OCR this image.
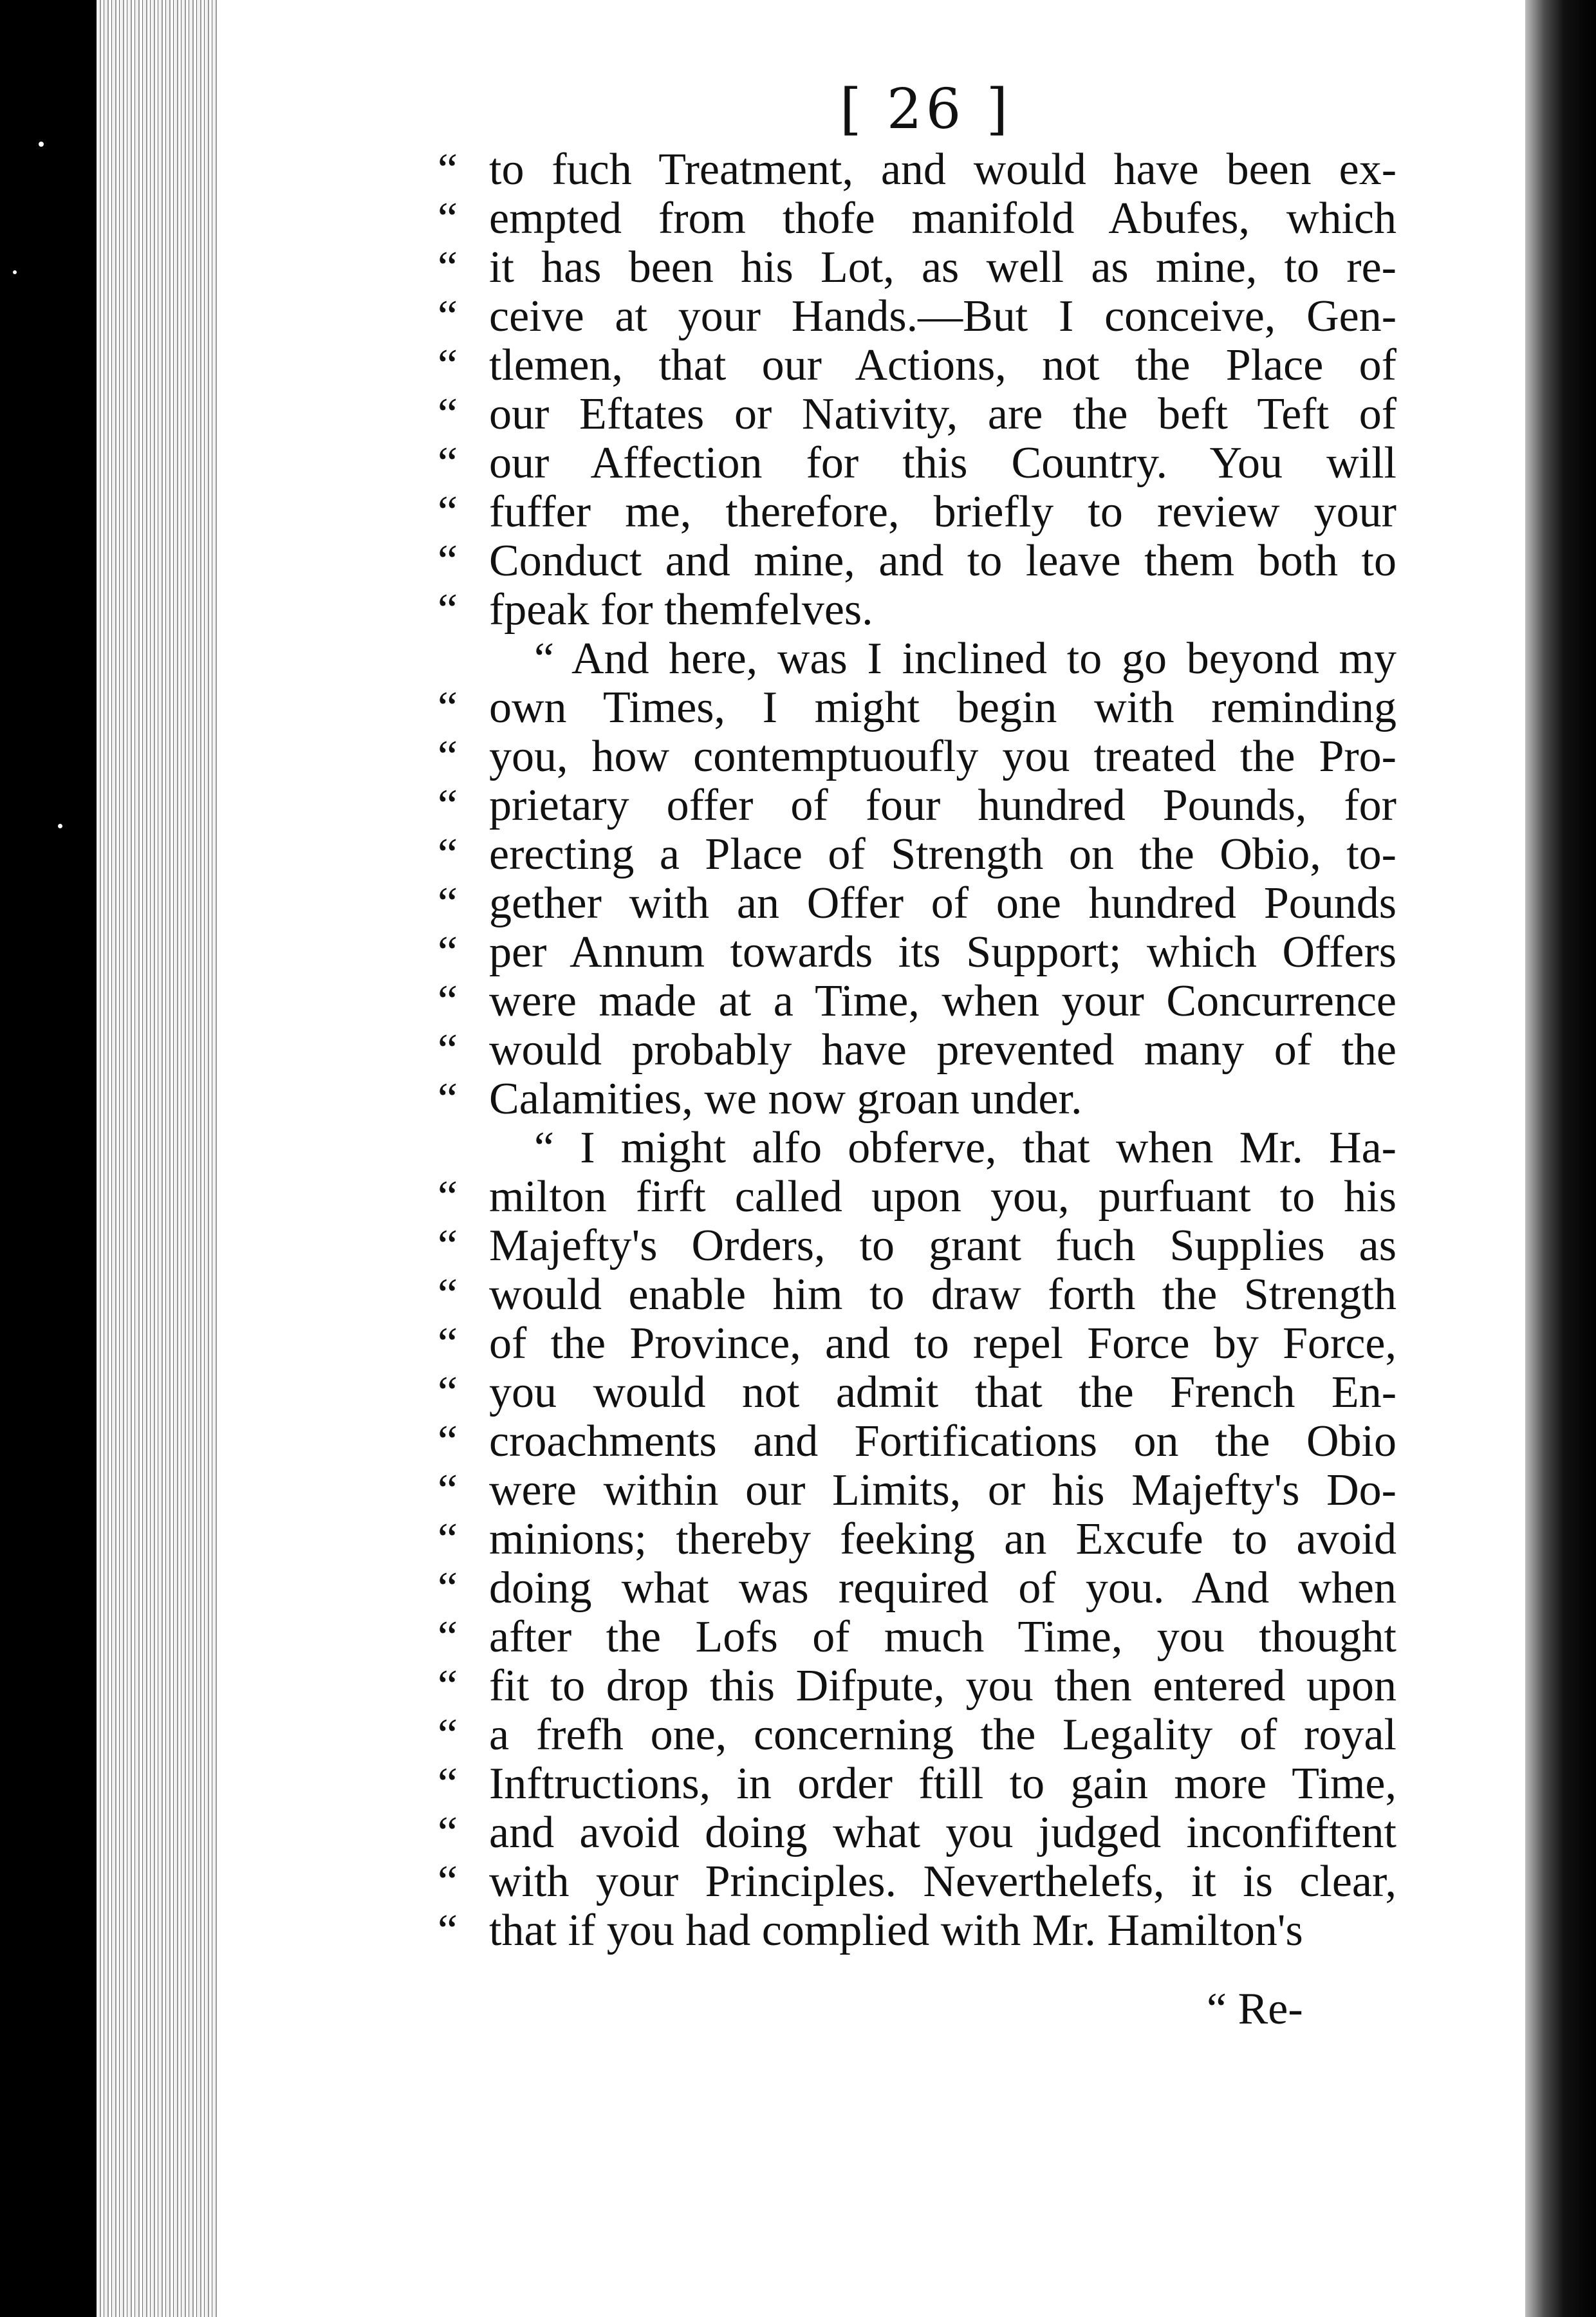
[ 26 ]
“ to fuch Treatment, and would have been ex-
“ empted from thofe manifold Abufes, which
“ it has been his Lot, as well as mine, to re-
“ ceive at your Hands.—But I conceive, Gen-
“ tlemen, that our Actions, not the Place of
“ our Eftates or Nativity, are the beft Teft of
“ our Affection for this Country. You will
“ fuffer me, therefore, briefly to review your
“ Conduct and mine, and to leave them both to
“ fpeak for themfelves.
“ And here, was I inclined to go beyond my
“ own Times, I might begin with reminding
“ you, how contemptuoufly you treated the Pro-
“ prietary offer of four hundred Pounds, for
“ erecting a Place of Strength on the Obio, to-
“ gether with an Offer of one hundred Pounds
“ per Annum towards its Support; which Offers
“ were made at a Time, when your Concurrence
“ would probably have prevented many of the
“ Calamities, we now groan under.
“ I might alfo obferve, that when Mr. Ha-
“ milton firft called upon you, purfuant to his
“ Majefty's Orders, to grant fuch Supplies as
“ would enable him to draw forth the Strength
“ of the Province, and to repel Force by Force,
“ you would not admit that the French En-
“ croachments and Fortifications on the Obio
“ were within our Limits, or his Majefty's Do-
“ minions; thereby feeking an Excufe to avoid
“ doing what was required of you. And when
“ after the Lofs of much Time, you thought
“ fit to drop this Difpute, you then entered upon
“ a frefh one, concerning the Legality of royal
“ Inftructions, in order ftill to gain more Time,
“ and avoid doing what you judged inconfiftent
“ with your Principles. Neverthelefs, it is clear,
“ that if you had complied with Mr. Hamilton's
“ Re-
